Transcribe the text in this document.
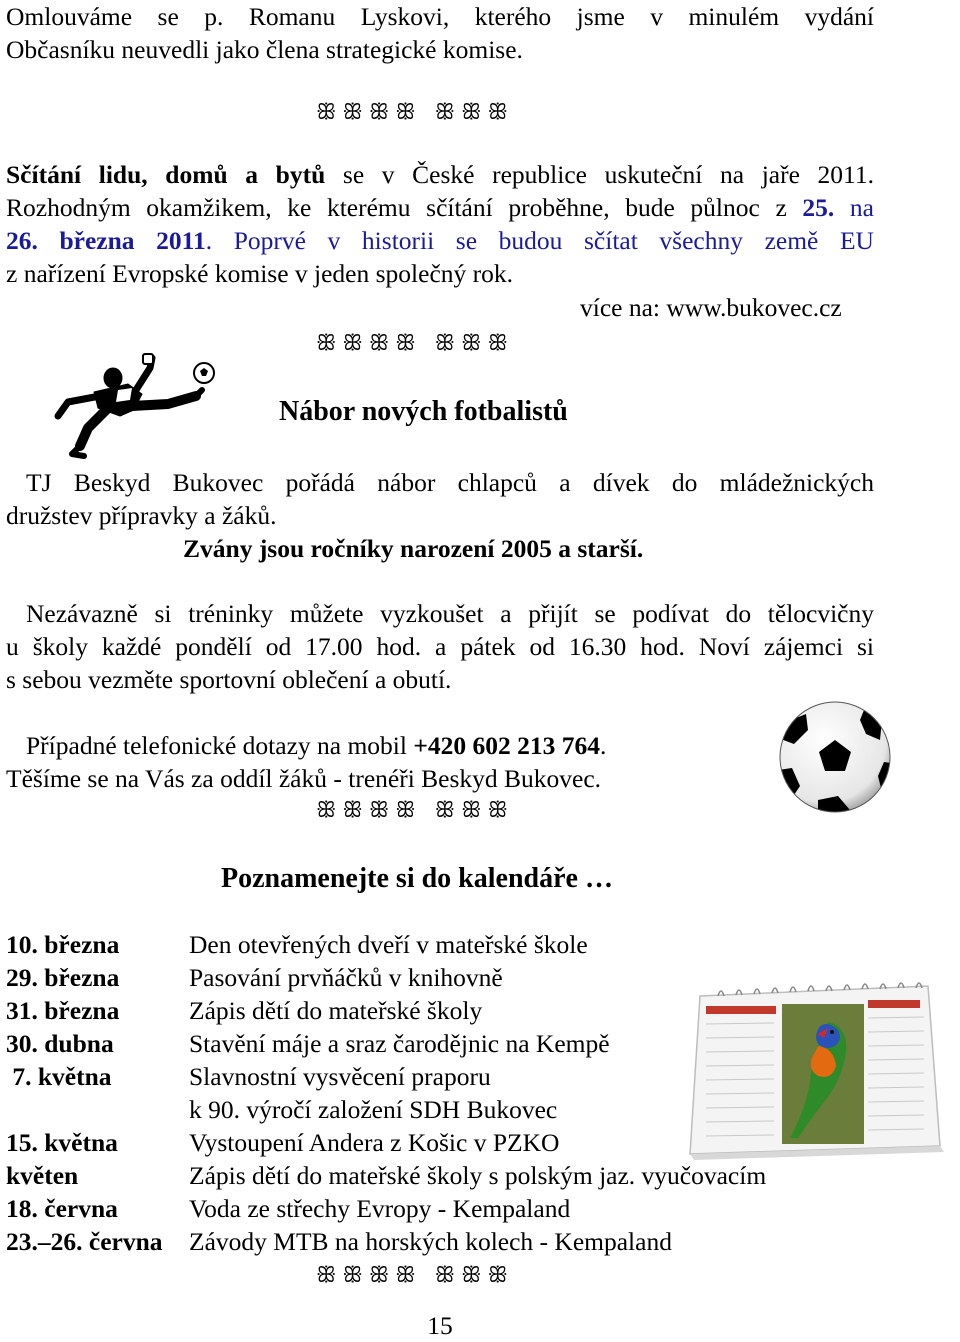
Omlouváme se p. Romanu Lyskovi, kterého jsme v minulém vydání
Občasníku neuvedli jako člena strategické komise.
ꕥꕥꕥꕥ ꕥꕥꕥ
Sčítání lidu, domů a bytů se v České republice uskuteční na jaře 2011.
Rozhodným okamžikem, ke kterému sčítání proběhne, bude půlnoc z 25. na
26. března 2011. Poprvé v historii se budou sčítat všechny země EU
z nařízení Evropské komise v jeden společný rok.
více na: www.bukovec.cz
ꕥꕥꕥꕥ ꕥꕥꕥ
Nábor nových fotbalistů
TJ Beskyd Bukovec pořádá nábor chlapců a dívek do mládežnických
družstev přípravky a žáků.
Zvány jsou ročníky narození 2005 a starší.
Nezávazně si tréninky můžete vyzkoušet a přijít se podívat do tělocvičny
u školy každé pondělí od 17.00 hod. a pátek od 16.30 hod. Noví zájemci si
s sebou vezměte sportovní oblečení a obutí.
Případné telefonické dotazy na mobil +420 602 213 764.
Těšíme se na Vás za oddíl žáků - trenéři Beskyd Bukovec.
ꕥꕥꕥꕥ ꕥꕥꕥ
Poznamenejte si do kalendáře …
10. března	Den otevřených dveří v mateřské škole
29. března	Pasování prvňáčků v knihovně
31. března	Zápis dětí do mateřské školy
30. dubna	Stavění máje a sraz čarodějnic na Kempě
7. května	Slavnostní vysvěcení praporu
k 90. výročí založení SDH Bukovec
15. května	Vystoupení Andera z Košic v PZKO
květen	Zápis dětí do mateřské školy s polským jaz. vyučovacím
18. června	Voda ze střechy Evropy - Kempaland
23.–26. června Závody MTB na horských kolech - Kempaland
ꕥꕥꕥꕥ ꕥꕥꕥ
15
